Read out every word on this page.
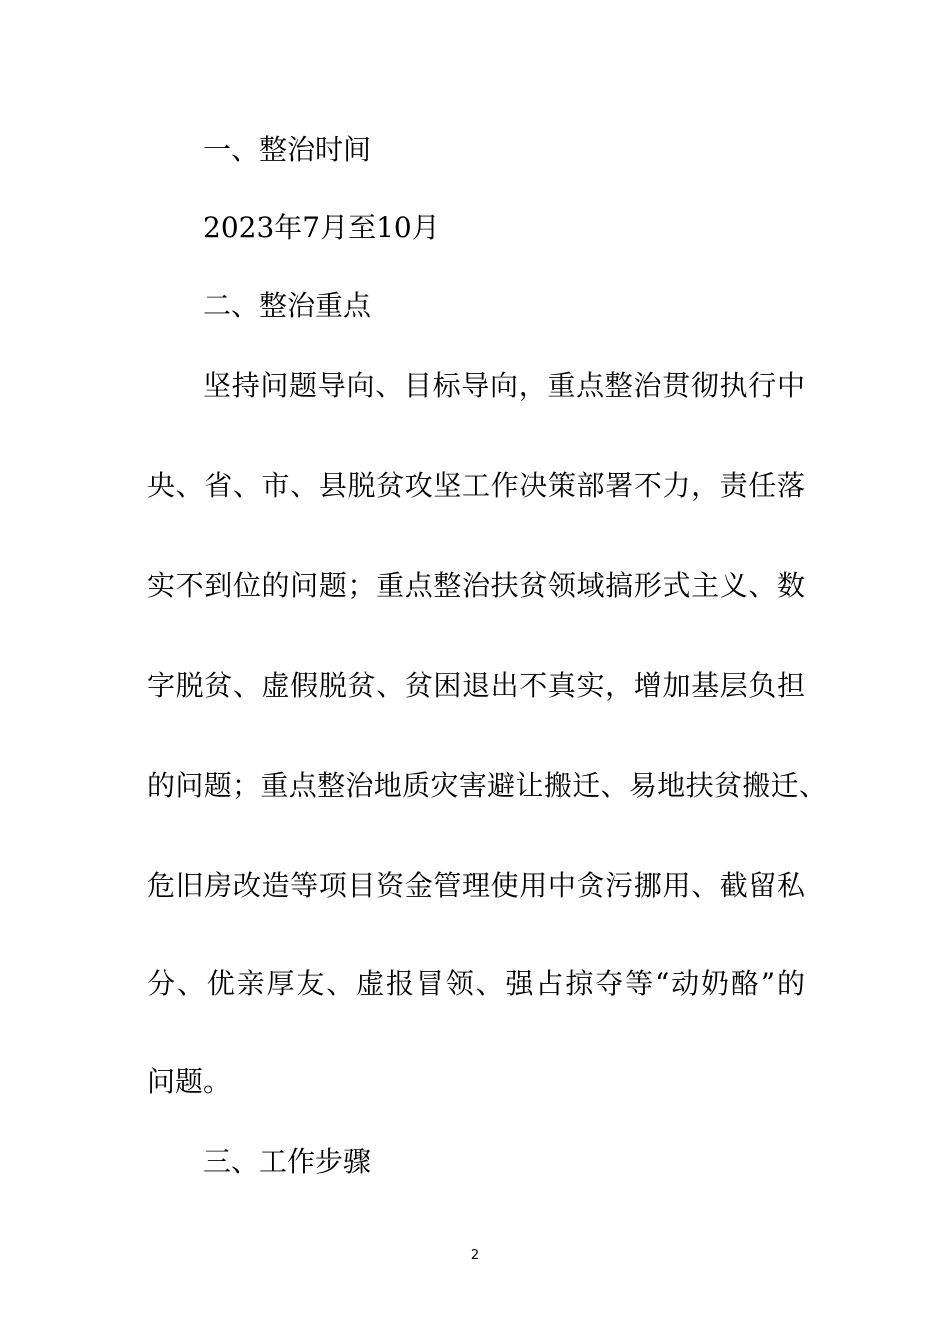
一、整治时间
2023年7月至10月
二、整治重点
坚持问题导向、目标导向，重点整治贯彻执行中
央、省、市、县脱贫攻坚工作决策部署不力，责任落
实不到位的问题；重点整治扶贫领域搞形式主义、数
字脱贫、虚假脱贫、贫困退出不真实，增加基层负担
的问题；重点整治地质灾害避让搬迁、易地扶贫搬迁、
危旧房改造等项目资金管理使用中贪污挪用、截留私
分、优亲厚友、虚报冒领、强占掠夺等“动奶酪”的
问题。
三、工作步骤
2
